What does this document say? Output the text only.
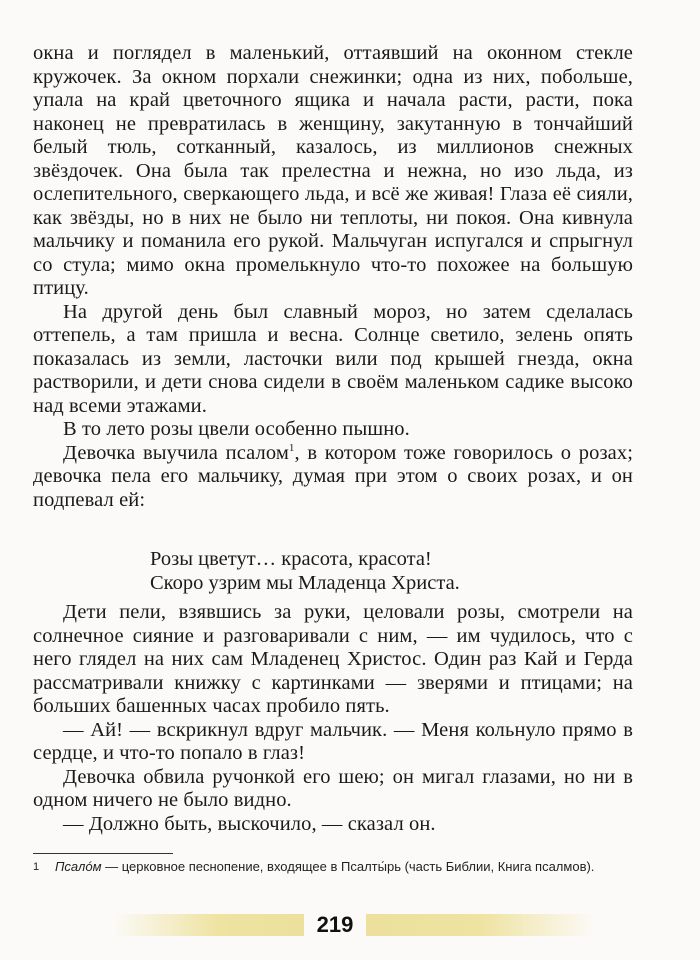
окна и поглядел в маленький, оттаявший на оконном стекле кружочек. За окном порхали снежинки; одна из них, побольше, упала на край цветочного ящика и начала расти, расти, пока наконец не превратилась в женщину, закутанную в тончайший белый тюль, сотканный, казалось, из миллионов снежных звёздочек. Она была так прелестна и нежна, но изо льда, из ослепительного, сверкающего льда, и всё же живая! Глаза её сияли, как звёзды, но в них не было ни теплоты, ни покоя. Она кивнула мальчику и поманила его рукой. Мальчуган испугался и спрыгнул со стула; мимо окна промелькнуло что-то похожее на большую птицу.

На другой день был славный мороз, но затем сделалась оттепель, а там пришла и весна. Солнце светило, зелень опять показалась из земли, ласточки вили под крышей гнезда, окна растворили, и дети снова сидели в своём маленьком садике высоко над всеми этажами.

В то лето розы цвели особенно пышно.

Девочка выучила псалом$^1$, в котором тоже говорилось о розах; девочка пела его мальчику, думая при этом о своих розах, и он подпевал ей:

Розы цветут… красота, красота!
Скоро узрим мы Младенца Христа.

Дети пели, взявшись за руки, целовали розы, смотрели на солнечное сияние и разговаривали с ним, — им чудилось, что с него глядел на них сам Младенец Христос. Один раз Кай и Герда рассматривали книжку с картинками — зверями и птицами; на больших башенных часах пробило пять.

— Ай! — вскрикнул вдруг мальчик. — Меня кольнуло прямо в сердце, и что-то попало в глаз!

Девочка обвила ручонкой его шею; он мигал глазами, но ни в одном ничего не было видно.

— Должно быть, выскочило, — сказал он.

1 Псалóм — церковное песнопение, входящее в Псалты́рь (часть Библии, Книга псалмов).
219
